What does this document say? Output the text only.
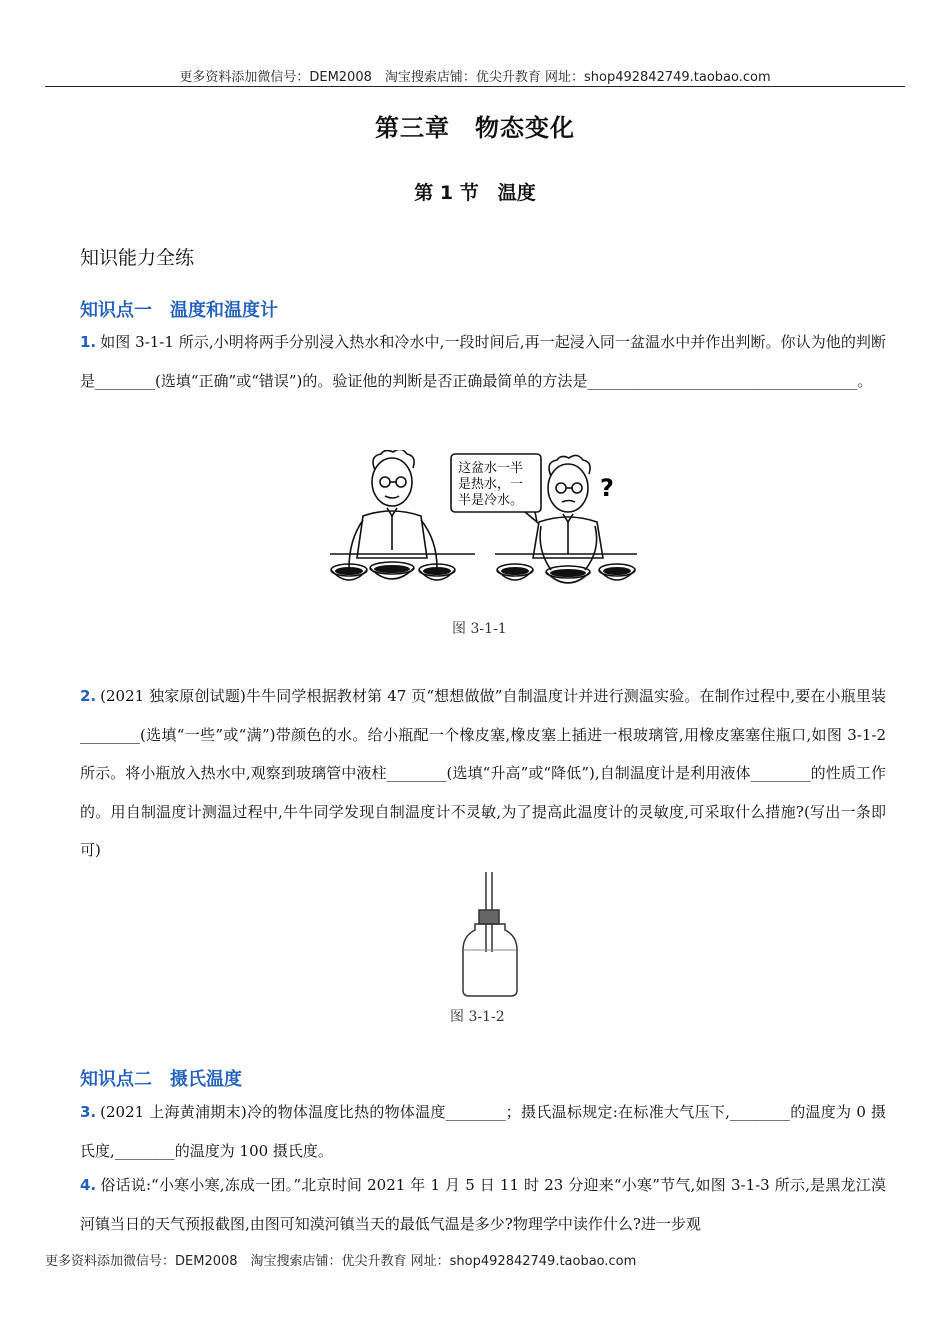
更多资料添加微信号：DEM2008　淘宝搜索店铺：优尖升教育 网址：shop492842749.taobao.com
第三章　物态变化
第 1 节　温度
知识能力全练
知识点一　温度和温度计
1. 如图 3-1-1 所示,小明将两手分别浸入热水和冷水中,一段时间后,再一起浸入同一盆温水中并作出判断。你认为他的判断是________(选填“正确”或“错误”)的。验证他的判断是否正确最简单的方法是____________________________________。
这盆水一半
是热水，一
半是冷水。	?
图 3-1-1
2. (2021 独家原创试题)牛牛同学根据教材第 47 页“想想做做”自制温度计并进行测温实验。在制作过程中,要在小瓶里装________(选填“一些”或“满”)带颜色的水。给小瓶配一个橡皮塞,橡皮塞上插进一根玻璃管,用橡皮塞塞住瓶口,如图 3-1-2 所示。将小瓶放入热水中,观察到玻璃管中液柱________(选填“升高”或“降低”),自制温度计是利用液体________的性质工作的。用自制温度计测温过程中,牛牛同学发现自制温度计不灵敏,为了提高此温度计的灵敏度,可采取什么措施?(写出一条即可)
图 3-1-2
知识点二　摄氏温度
3. (2021 上海黄浦期末)冷的物体温度比热的物体温度________；摄氏温标规定:在标准大气压下,________的温度为 0 摄氏度,________的温度为 100 摄氏度。
4. 俗话说:“小寒小寒,冻成一团。”北京时间 2021 年 1 月 5 日 11 时 23 分迎来“小寒”节气,如图 3-1-3 所示,是黑龙江漠河镇当日的天气预报截图,由图可知漠河镇当天的最低气温是多少?物理学中读作什么?进一步观
更多资料添加微信号：DEM2008　淘宝搜索店铺：优尖升教育 网址：shop492842749.taobao.com
